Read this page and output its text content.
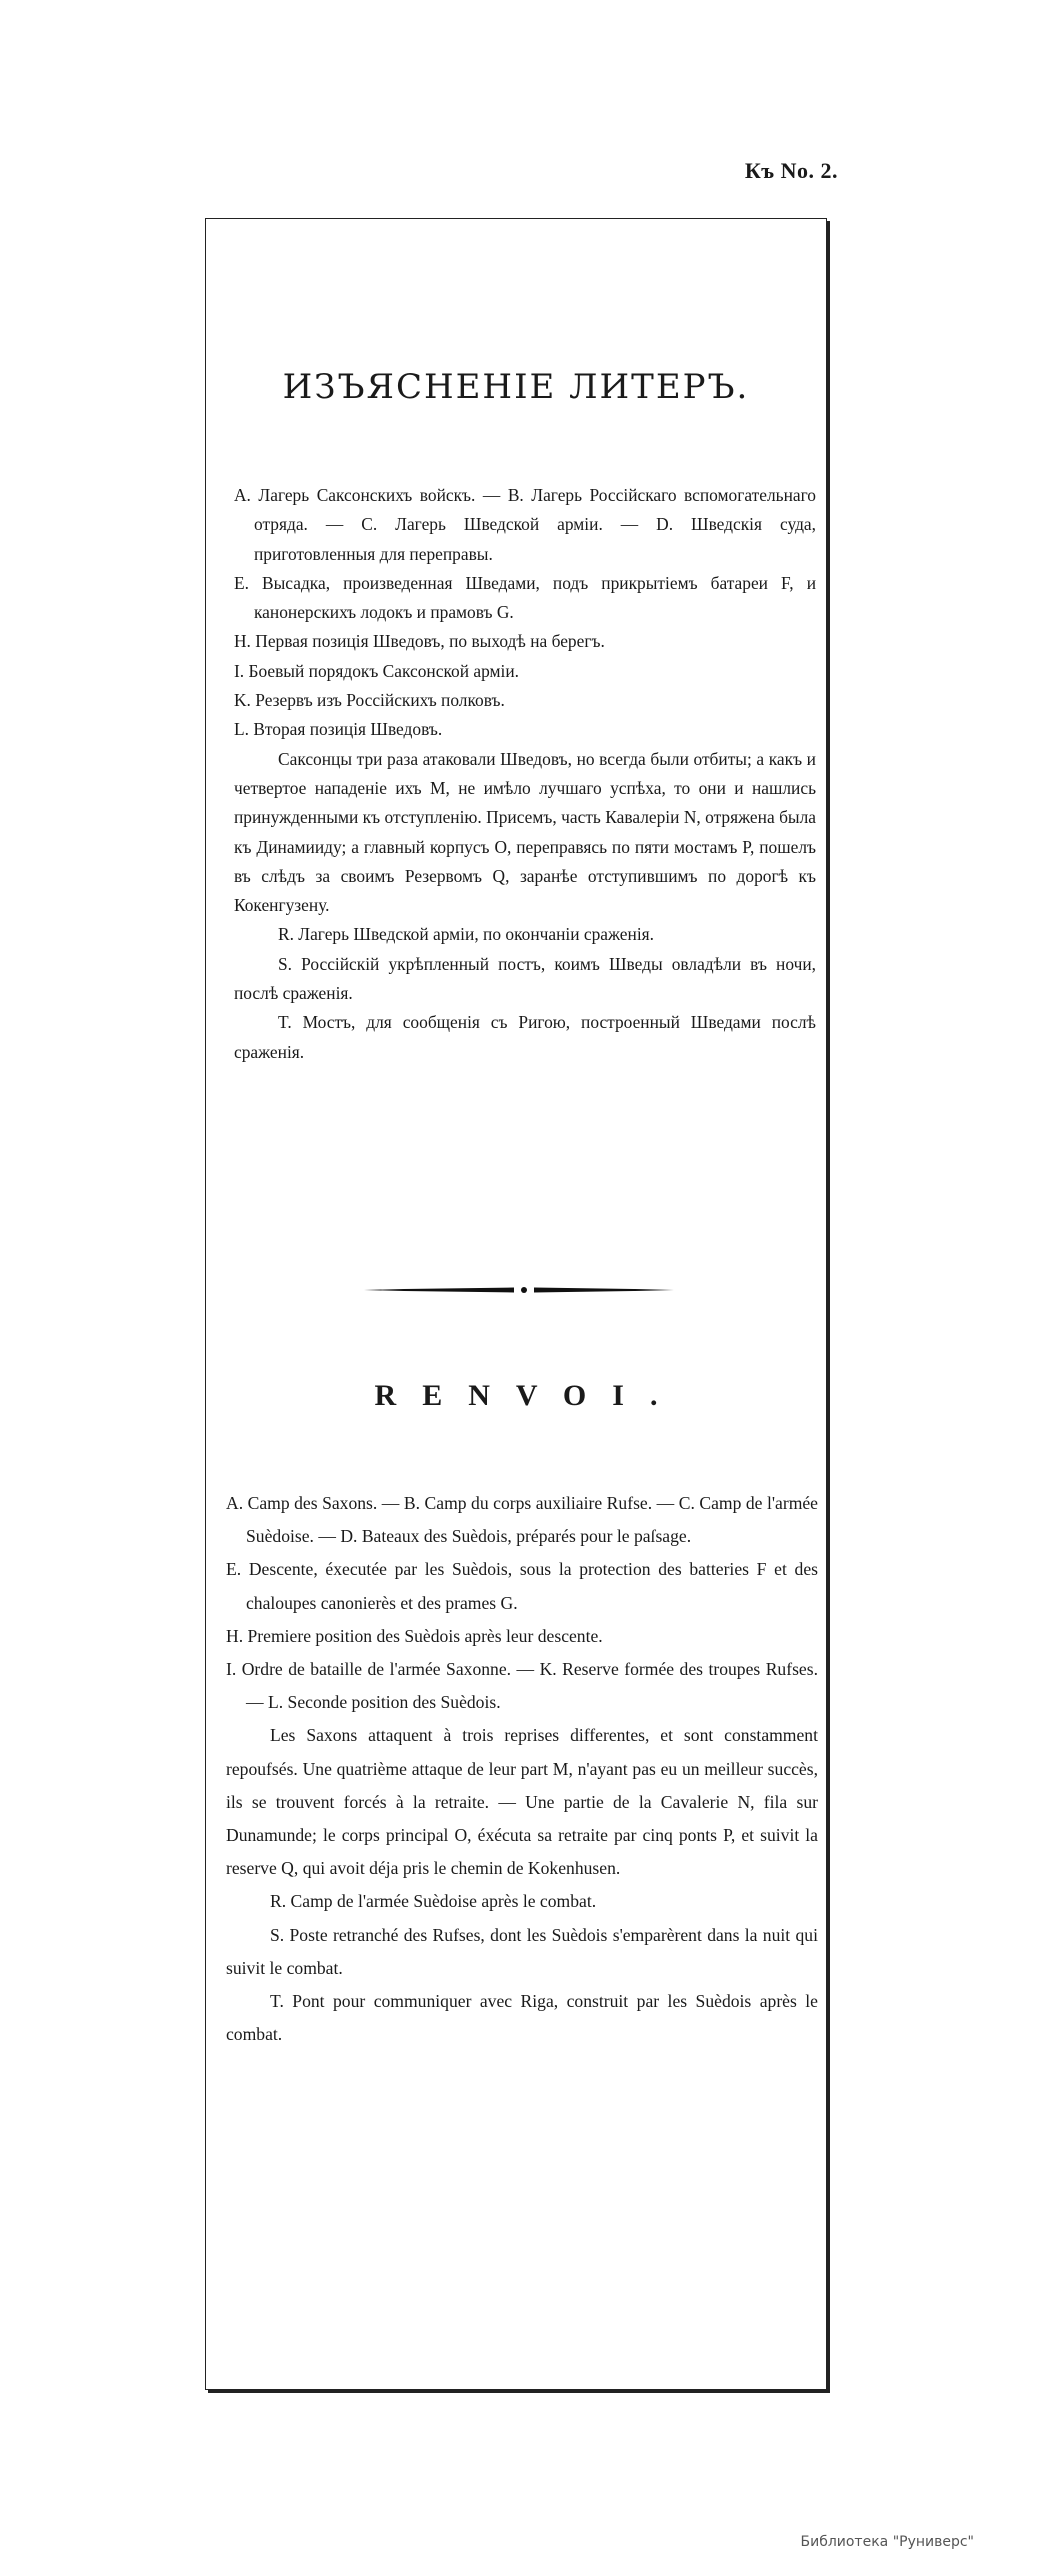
Къ No. 2.
ИЗЪЯСНЕНІЕ ЛИТЕРЪ.

A. Лагерь Саксонскихъ войскъ. — B. Лагерь Россійскаго вспомогательнаго отряда. — C. Лагерь Шведской арміи. — D. Шведскія суда, приготовленныя для переправы.

E. Высадка, произведенная Шведами, подъ прикрытіемъ батареи F, и канонерскихъ лодокъ и прамовъ G.

H. Первая позиція Шведовъ, по выходѣ на берегъ.

I. Боевый порядокъ Саксонской арміи.

K. Резервъ изъ Россійскихъ полковъ.

L. Вторая позиція Шведовъ.

Саксонцы три раза атаковали Шведовъ, но всегда были отбиты; а какъ и четвертое нападеніе ихъ M, не имѣло лучшаго успѣха, то они и нашлись принужденными къ отступленію. Присемъ, часть Кавалеріи N, отряжена была къ Динамииду; а главный корпусъ O, переправясь по пяти мостамъ P, пошелъ въ слѣдъ за своимъ Резервомъ Q, заранѣе отступившимъ по дорогѣ къ Кокенгузену.

R. Лагерь Шведской арміи, по окончаніи сраженія.

S. Россійскій укрѣпленный постъ, коимъ Шведы овладѣли въ ночи, послѣ сраженія.

T. Мостъ, для сообщенія съ Ригою, построенный Шведами послѣ сраженія.

RENVOI.

A. Camp des Saxons. — B. Camp du corps auxiliaire Rufse. — C. Camp de l'armée Suèdoise. — D. Bateaux des Suèdois, préparés pour le paſsage.

E. Descente, éxecutée par les Suèdois, sous la protection des batteries F et des chaloupes canonierès et des prames G.

H. Premiere position des Suèdois après leur descente.

I. Ordre de bataille de l'armée Saxonne. — K. Reserve formée des troupes Rufses. — L. Seconde position des Suèdois.

Les Saxons attaquent à trois reprises differentes, et sont constamment repoufsés. Une quatrième attaque de leur part M, n'ayant pas eu un meilleur succès, ils se trouvent forcés à la retraite. — Une partie de la Cavalerie N, fila sur Dunamunde; le corps principal O, éxécuta sa retraite par cinq ponts P, et suivit la reserve Q, qui avoit déja pris le chemin de Kokenhusen.

R. Camp de l'armée Suèdoise après le combat.

S. Poste retranché des Rufses, dont les Suèdois s'emparèrent dans la nuit qui suivit le combat.

T. Pont pour communiquer avec Riga, construit par les Suèdois après le combat.

Библиотека "Руниверс"
